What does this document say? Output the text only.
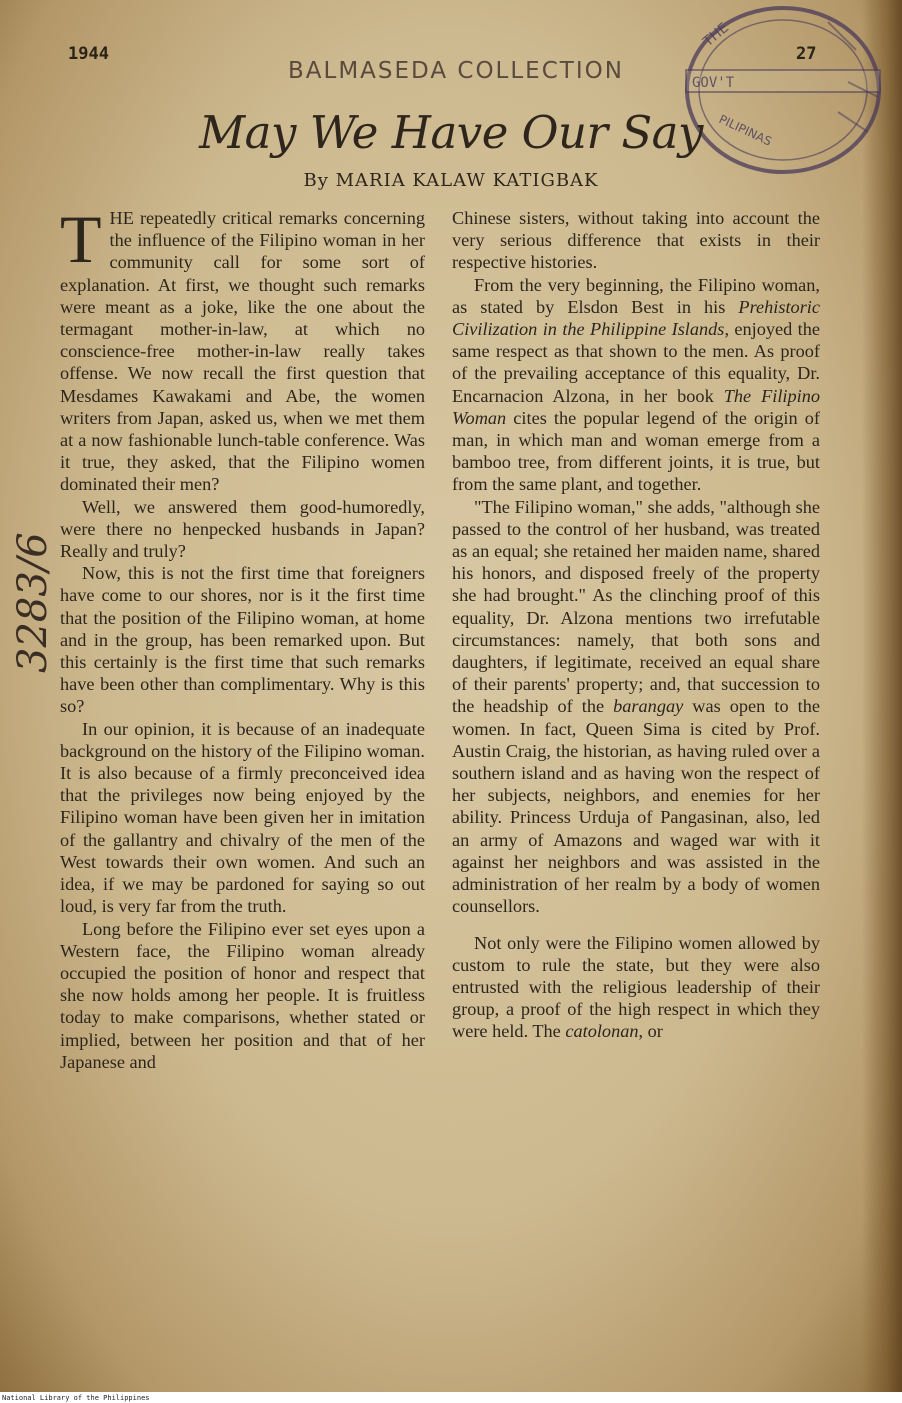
1944
BALMASEDA COLLECTION
27
THE
GOV'T
PILIPINAS
May We Have Our Say
By MARIA KALAW KATIGBAK
3283/6

THE repeatedly critical remarks concerning the influence of the Filipino woman in her community call for some sort of explanation. At first, we thought such remarks were meant as a joke, like the one about the termagant mother-in-law, at which no conscience-free mother-in-law really takes offense. We now recall the first question that Mesdames Kawakami and Abe, the women writers from Japan, asked us, when we met them at a now fashionable lunch-table conference. Was it true, they asked, that the Filipino women dominated their men?

Well, we answered them good-humoredly, were there no henpecked husbands in Japan? Really and truly?

Now, this is not the first time that foreigners have come to our shores, nor is it the first time that the position of the Filipino woman, at home and in the group, has been remarked upon. But this certainly is the first time that such remarks have been other than complimentary. Why is this so?

In our opinion, it is because of an inadequate background on the history of the Filipino woman. It is also because of a firmly preconceived idea that the privileges now being enjoyed by the Filipino woman have been given her in imitation of the gallantry and chivalry of the men of the West towards their own women. And such an idea, if we may be pardoned for saying so out loud, is very far from the truth.

Long before the Filipino ever set eyes upon a Western face, the Filipino woman already occupied the position of honor and respect that she now holds among her people. It is fruitless today to make comparisons, whether stated or implied, between her position and that of her Japanese and

Chinese sisters, without taking into account the very serious difference that exists in their respective histories.

From the very beginning, the Filipino woman, as stated by Elsdon Best in his Prehistoric Civilization in the Philippine Islands, enjoyed the same respect as that shown to the men. As proof of the prevailing acceptance of this equality, Dr. Encarnacion Alzona, in her book The Filipino Woman cites the popular legend of the origin of man, in which man and woman emerge from a bamboo tree, from different joints, it is true, but from the same plant, and together.

"The Filipino woman," she adds, "although she passed to the control of her husband, was treated as an equal; she retained her maiden name, shared his honors, and disposed freely of the property she had brought." As the clinching proof of this equality, Dr. Alzona mentions two irrefutable circumstances: namely, that both sons and daughters, if legitimate, received an equal share of their parents' property; and, that succession to the headship of the barangay was open to the women. In fact, Queen Sima is cited by Prof. Austin Craig, the historian, as having ruled over a southern island and as having won the respect of her subjects, neighbors, and enemies for her ability. Princess Urduja of Pangasinan, also, led an army of Amazons and waged war with it against her neighbors and was assisted in the administration of her realm by a body of women counsellors.

Not only were the Filipino women allowed by custom to rule the state, but they were also entrusted with the religious leadership of their group, a proof of the high respect in which they were held. The catolonan, or

National Library of the Philippines
